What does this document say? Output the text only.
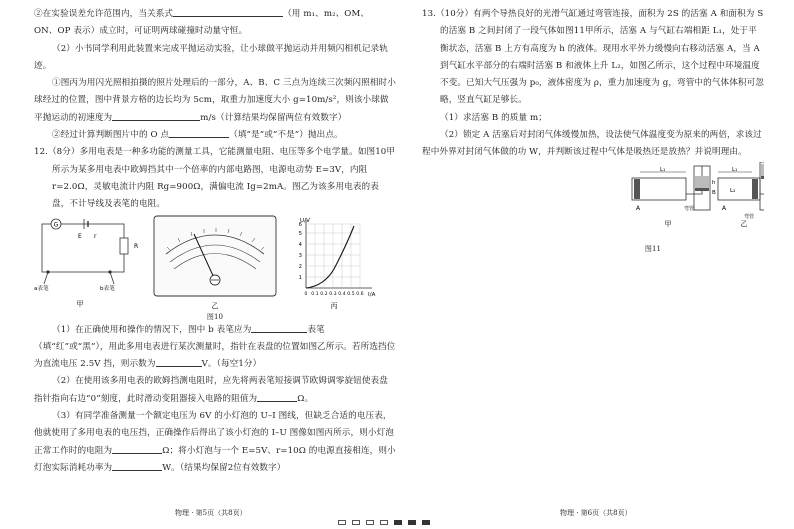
②在实验误差允许范围内，当关系式	（用 m₁、m₂、OM、

ON、OP 表示）成立时，可证明两球碰撞时动量守恒。

（2）小书同学利用此装置来完成平抛运动实验，让小球做平抛运动并用频闪相机记录轨迹。

①图丙为用闪光照相拍摄的照片处理后的一部分，A、B、C 三点为连续三次频闪照相时小球经过的位置，图中背景方格的边长均为 5cm，取重力加速度大小 g=10m/s²，则该小球做平抛运动的初速度为	m/s（计算结果均保留两位有效数字）

②经过计算判断图片中的 O 点	（填“是”或“不是”）抛出点。

12.（8分）多用电表是一种多功能的测量工具，它能测量电阻、电压等多个电学量。如图10甲所示为某多用电表中欧姆挡其中一个倍率的内部电路图，电源电动势 E=3V，内阻 r=2.0Ω，灵敏电流计内阻 Rg=900Ω，满偏电流 Ig=2mA。图乙为该多用电表的表盘，不计导线及表笔的电阻。

G
R
E r
a表笔	b表笔
甲	乙
U/V
I/A
1
2
3
4
5
6
0 0.1 0.2 0.3 0.4 0.5 0.6
丙
图10

（1）在正确使用和操作的情况下，图中 b 表笔应为	表笔（填“红”或“黑”），用此多用电表进行某次测量时，指针在表盘的位置如图乙所示。若所选挡位为直流电压 2.5V 挡，则示数为	V。（每空1分）

（2）在使用该多用电表的欧姆挡测电阻时，应先将两表笔短接调节欧姆调零旋钮使表盘指针指向右边“0”刻度，此时滑动变阻器接入电路的阻值为	Ω。

（3）有同学准备测量一个额定电压为 6V 的小灯泡的 U–I 图线，但缺乏合适的电压表，他就使用了多用电表的电压挡，正确操作后得出了该小灯泡的 I–U 图像如图丙所示，则小灯泡正常工作时的电阻为	Ω；将小灯泡与一个 E=5V、r=10Ω 的电源直接相连，则小灯泡实际消耗功率为	W。（结果均保留2位有效数字）

13.（10分）有两个导热良好的光滑气缸通过弯管连接，面积为 2S 的活塞 A 和面积为 S 的活塞 B 之间封闭了一段气体如图11甲所示，活塞 A 与气缸右端相距 L₁，处于平衡状态，活塞 B 上方有高度为 h 的液体。现用水平外力缓慢向右移动活塞 A，当 A 到气缸水平部分的右端时活塞 B 和液体上升 L₂，如图乙所示，这个过程中环境温度不变。已知大气压强为 p₀，液体密度为 ρ，重力加速度为 g，弯管中的气体体积可忽略，竖直气缸足够长。

（1）求活塞 B 的质量 m；

（2）锁定 A 活塞后对封闭气体缓慢加热，设法使气体温度变为原来的两倍，求该过程中外界对封闭气体做的功 W，并判断该过程中气体是吸热还是放热？并说明理由。

A
L₁
h
B
弯管
甲
A
L₁
L₂
弯管
乙
图11
物理 · 第5页（共8页）	物理 · 第6页（共8页）
